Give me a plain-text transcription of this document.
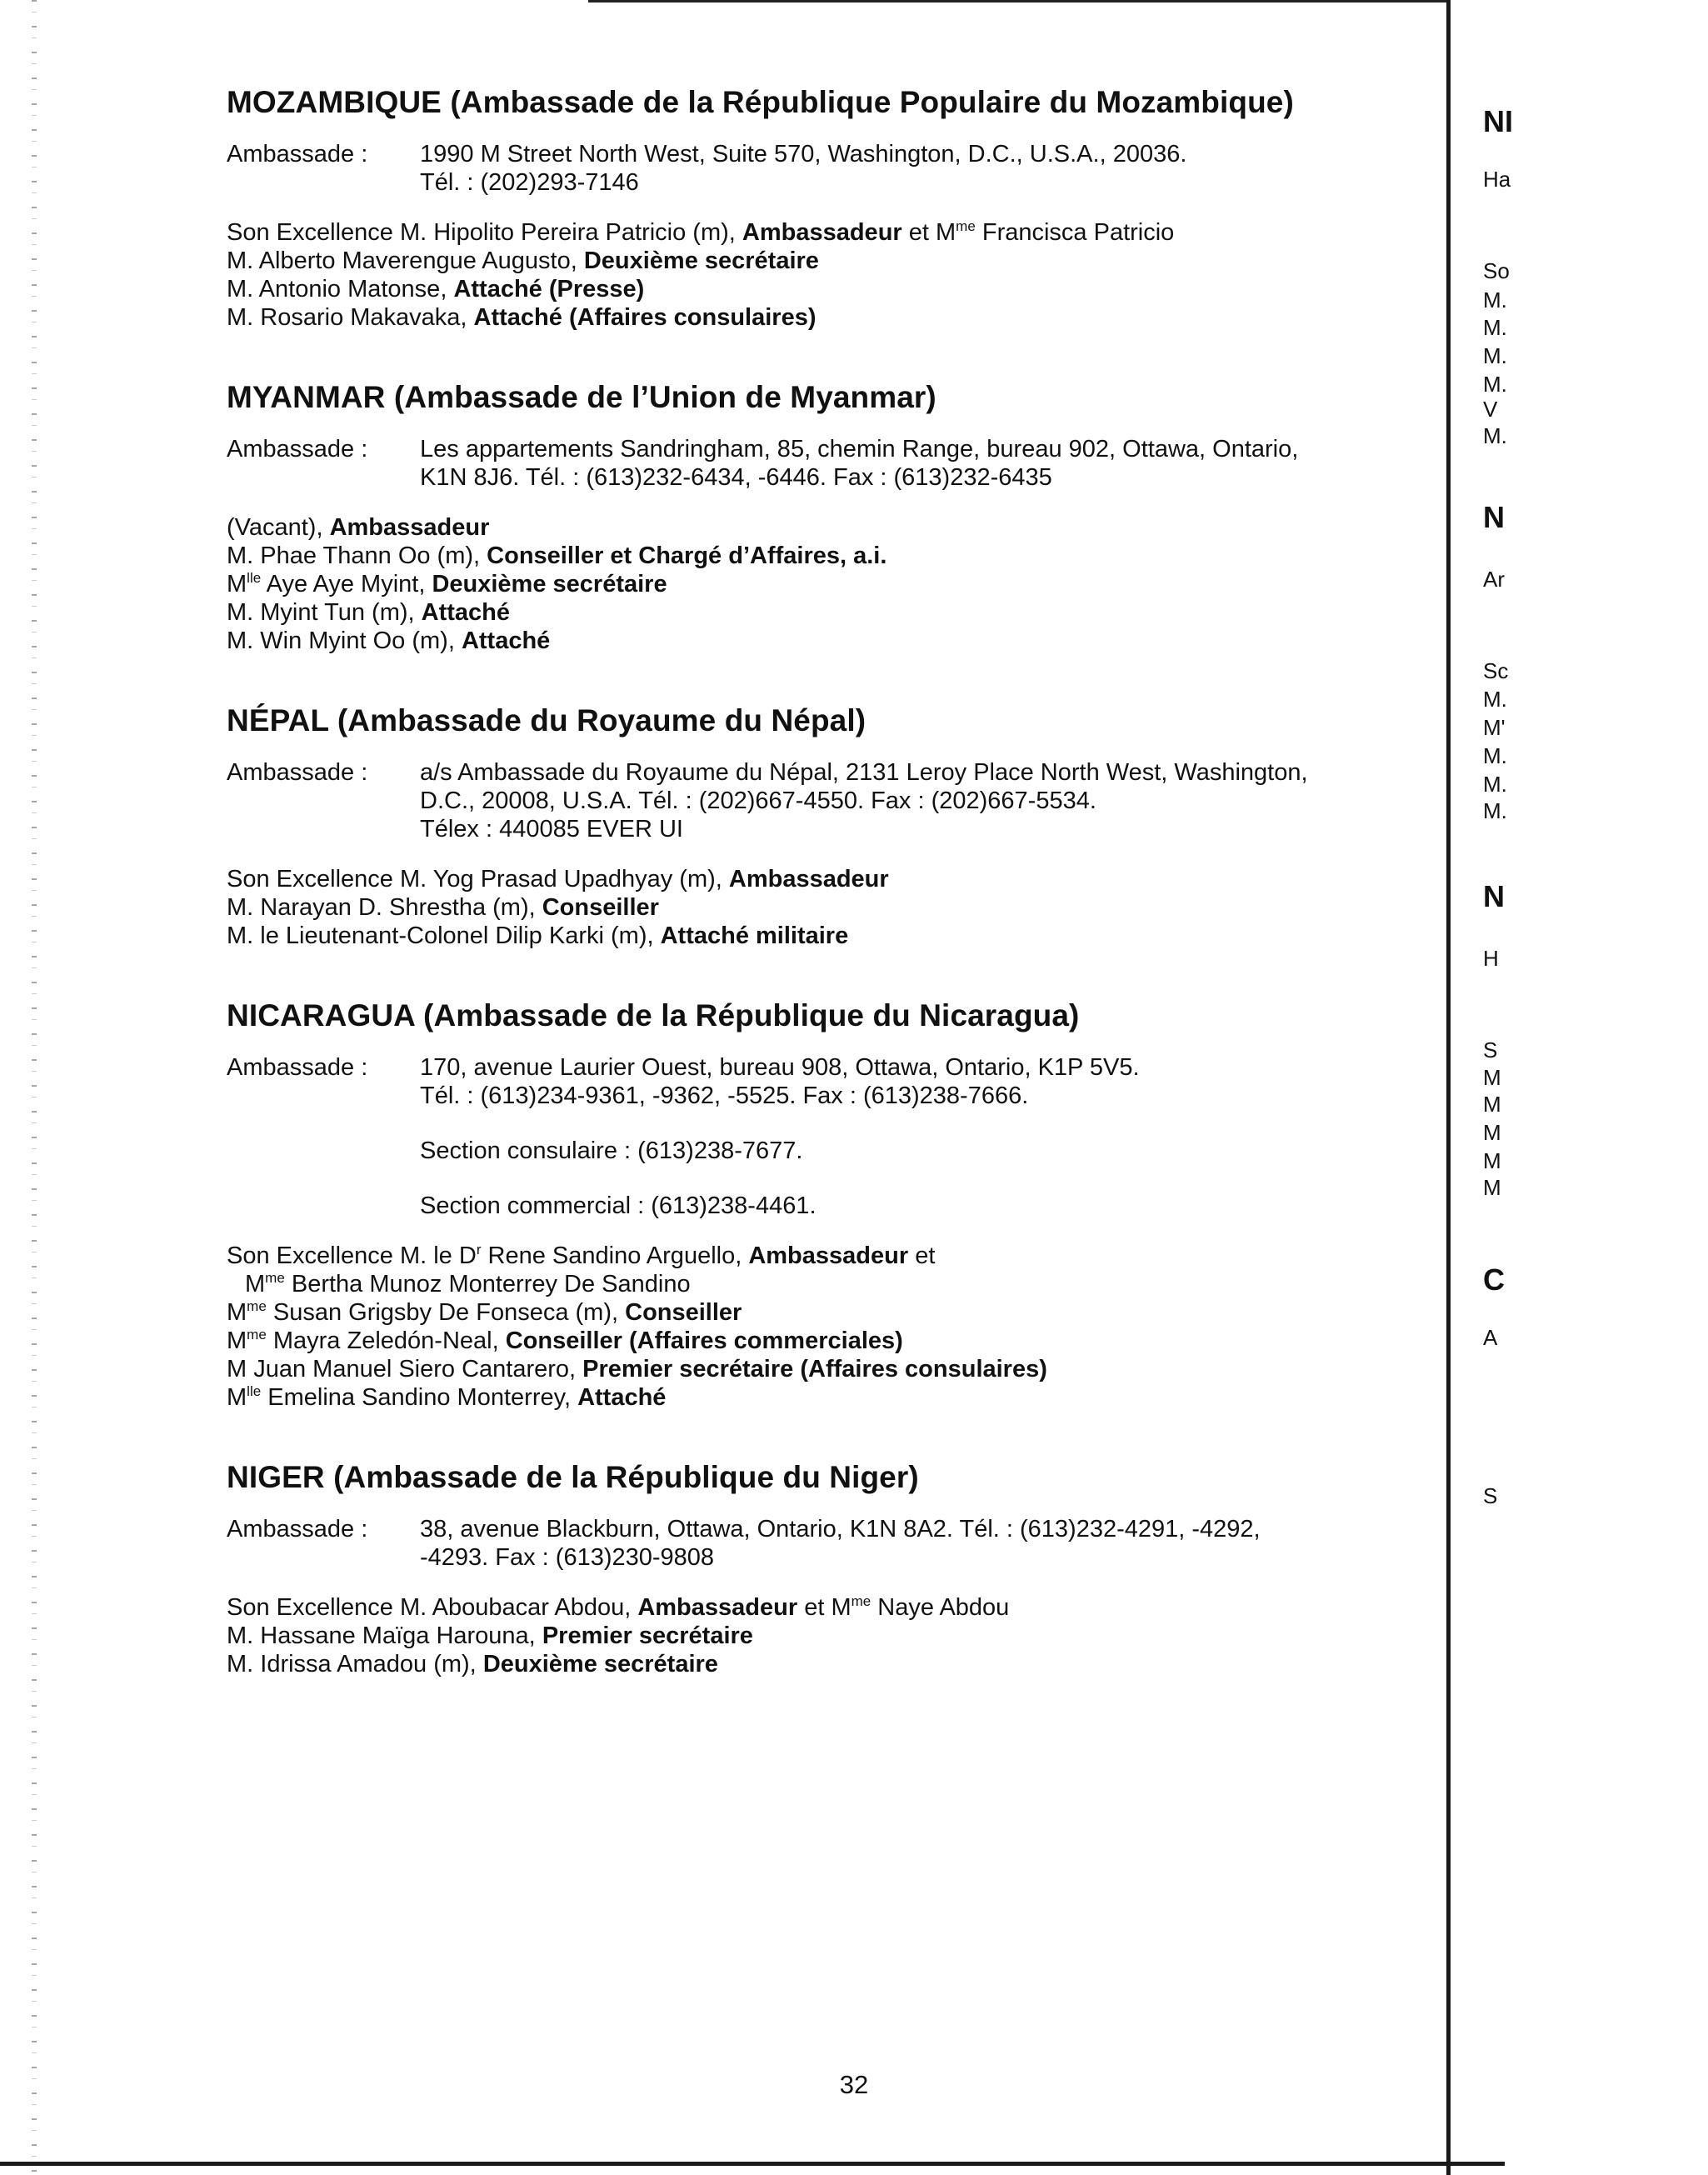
MOZAMBIQUE (Ambassade de la République Populaire du Mozambique)
Ambassade :	1990 M Street North West, Suite 570, Washington, D.C., U.S.A., 20036.
Tél. : (202)293-7146
Son Excellence M. Hipolito Pereira Patricio (m), Ambassadeur et $M^{me}$ Francisca Patricio
M. Alberto Maverengue Augusto, Deuxième secrétaire
M. Antonio Matonse, Attaché (Presse)
M. Rosario Makavaka, Attaché (Affaires consulaires)
MYANMAR (Ambassade de l’Union de Myanmar)
Ambassade :	Les appartements Sandringham, 85, chemin Range, bureau 902, Ottawa, Ontario,
K1N 8J6. Tél. : (613)232-6434, -6446. Fax : (613)232-6435
(Vacant), Ambassadeur
M. Phae Thann Oo (m), Conseiller et Chargé d’Affaires, a.i.
$M^{lle}$ Aye Aye Myint, Deuxième secrétaire
M. Myint Tun (m), Attaché
M. Win Myint Oo (m), Attaché
NÉPAL (Ambassade du Royaume du Népal)
Ambassade :	a/s Ambassade du Royaume du Népal, 2131 Leroy Place North West, Washington,
D.C., 20008, U.S.A. Tél. : (202)667-4550. Fax : (202)667-5534.
Télex : 440085 EVER UI
Son Excellence M. Yog Prasad Upadhyay (m), Ambassadeur
M. Narayan D. Shrestha (m), Conseiller
M. le Lieutenant-Colonel Dilip Karki (m), Attaché militaire
NICARAGUA (Ambassade de la République du Nicaragua)
Ambassade :	170, avenue Laurier Ouest, bureau 908, Ottawa, Ontario, K1P 5V5.
Tél. : (613)234-9361, -9362, -5525. Fax : (613)238-7666.
Section consulaire : (613)238-7677.
Section commercial : (613)238-4461.
Son Excellence M. le $D^r$ Rene Sandino Arguello, Ambassadeur et
$M^{me}$ Bertha Munoz Monterrey De Sandino
$M^{me}$ Susan Grigsby De Fonseca (m), Conseiller
$M^{me}$ Mayra Zeledón-Neal, Conseiller (Affaires commerciales)
M Juan Manuel Siero Cantarero, Premier secrétaire (Affaires consulaires)
$M^{lle}$ Emelina Sandino Monterrey, Attaché
NIGER (Ambassade de la République du Niger)
Ambassade :	38, avenue Blackburn, Ottawa, Ontario, K1N 8A2. Tél. : (613)232-4291, -4292,
-4293. Fax : (613)230-9808
Son Excellence M. Aboubacar Abdou, Ambassadeur et $M^{me}$ Naye Abdou
M. Hassane Maïga Harouna, Premier secrétaire
M. Idrissa Amadou (m), Deuxième secrétaire
32
NI
Ha
So
M.
M.
M.
M.
V
M.
N
Ar
Sc
M.
M'
M.
M.
M.
N
H
S
M
M
M
M
M
C
A
S
